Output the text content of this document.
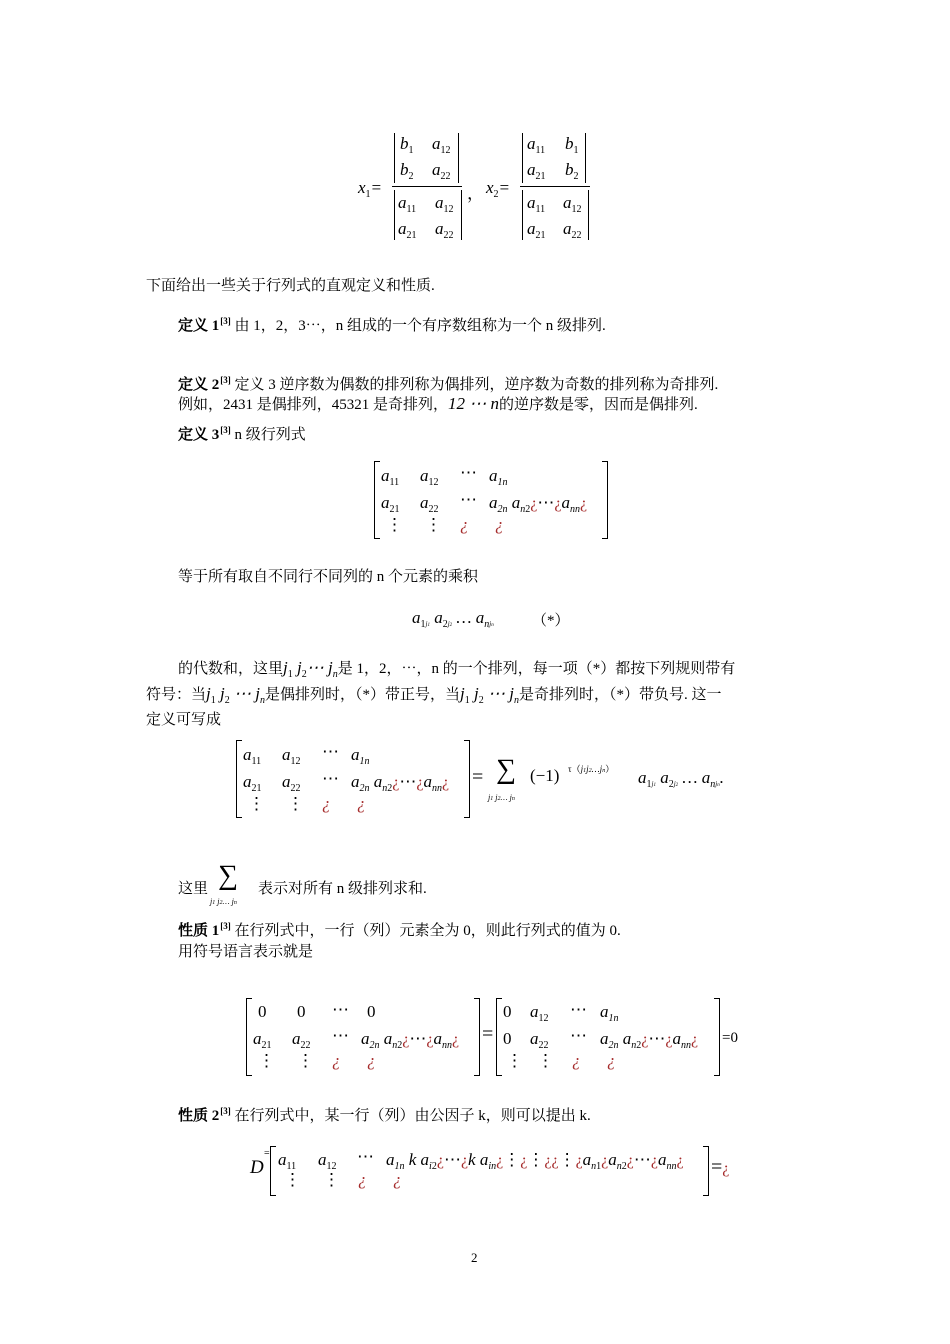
$x_1=$
$b_1$ $a_{12}$
$b_2$ $a_{22}$
$a_{11}$ $a_{12}$
$a_{21}$ $a_{22}$
， $x_2=$
$a_{11}$ $b_1$
$a_{21}$ $b_2$
$a_{11}$ $a_{12}$
$a_{21}$ $a_{22}$
下面给出一些关于行列式的直观定义和性质.
定义 1[3] 由 1，2，3⋯，n 组成的一个有序数组称为一个 n 级排列.
定义 2[3] 定义 3 逆序数为偶数的排列称为偶排列，逆序数为奇数的排列称为奇排列.
例如，2431 是偶排列，45321 是奇排列，12 ⋯ n的逆序数是零，因而是偶排列.
定义 3[3] n 级行列式
$a_{11}$ $a_{12}$
⋯ $a_{1n}$
$a_{21}$ $a_{22}$
⋯ $a_{2n}$ $a_{n2}¿\cdots¿a_{nn}¿$
⋮ ⋮ ¿ ¿
等于所有取自不同行不同列的 n 个元素的乘积
$a_1j1$ $a_2j2$ … $a_njn$	（*）
的代数和，这里$j_1$ $j_2\cdots$ $j_n$是 1，2，⋯，n 的一个排列，每一项（*）都按下列规则带有
符号：当$j_1$ $j_2$ ⋯ $j_n$是偶排列时，（*）带正号，当$j_1$ $j_2$ ⋯ $j_n$是奇排列时，（*）带负号. 这一
定义可写成
$a_{11}$ $a_{12}$
⋯ $a_{1n}$
$a_{21}$ $a_{22}$
⋯ $a_{2n}$ $a_{n2}¿\cdots¿a_{nn}¿$
⋮ ⋮ ¿ ¿
= ∑
j1 j2… jn
(−1) τ（j1j2…jn） $a_1j1$ $a_2j2$ … $a_njn$.
这里	表示对所有 n 级排列求和.
∑
j1 j2… jn
性质 1[3] 在行列式中，一行（列）元素全为 0，则此行列式的值为 0.
用符号语言表示就是
0 0 ⋯ 0
$a_{21}$ $a_{22}$
⋯ $a_{2n}$ $a_{n2}¿\cdots¿a_{nn}¿$
⋮ ⋮ ¿ ¿
=
0 $a_{12}$ ⋯ $a_{1n}$
0 $a_{22}$
⋯ $a_{2n}$ $a_{n2}¿\cdots¿a_{nn}¿$
⋮ ⋮ ¿ ¿
=0
性质 2[3] 在行列式中，某一行（列）由公因子 k，则可以提出 k.
D
= $a_{11}$ $a_{12}$
⋯ $a_{1n}$ k $a_{i2}¿\cdots¿k$ $a_{in}¿⋮¿⋮¿¿⋮¿a_{n1}¿a_{n2}¿\cdots¿a_{nn}¿$
⋮ ⋮ ¿ ¿
=¿
2
